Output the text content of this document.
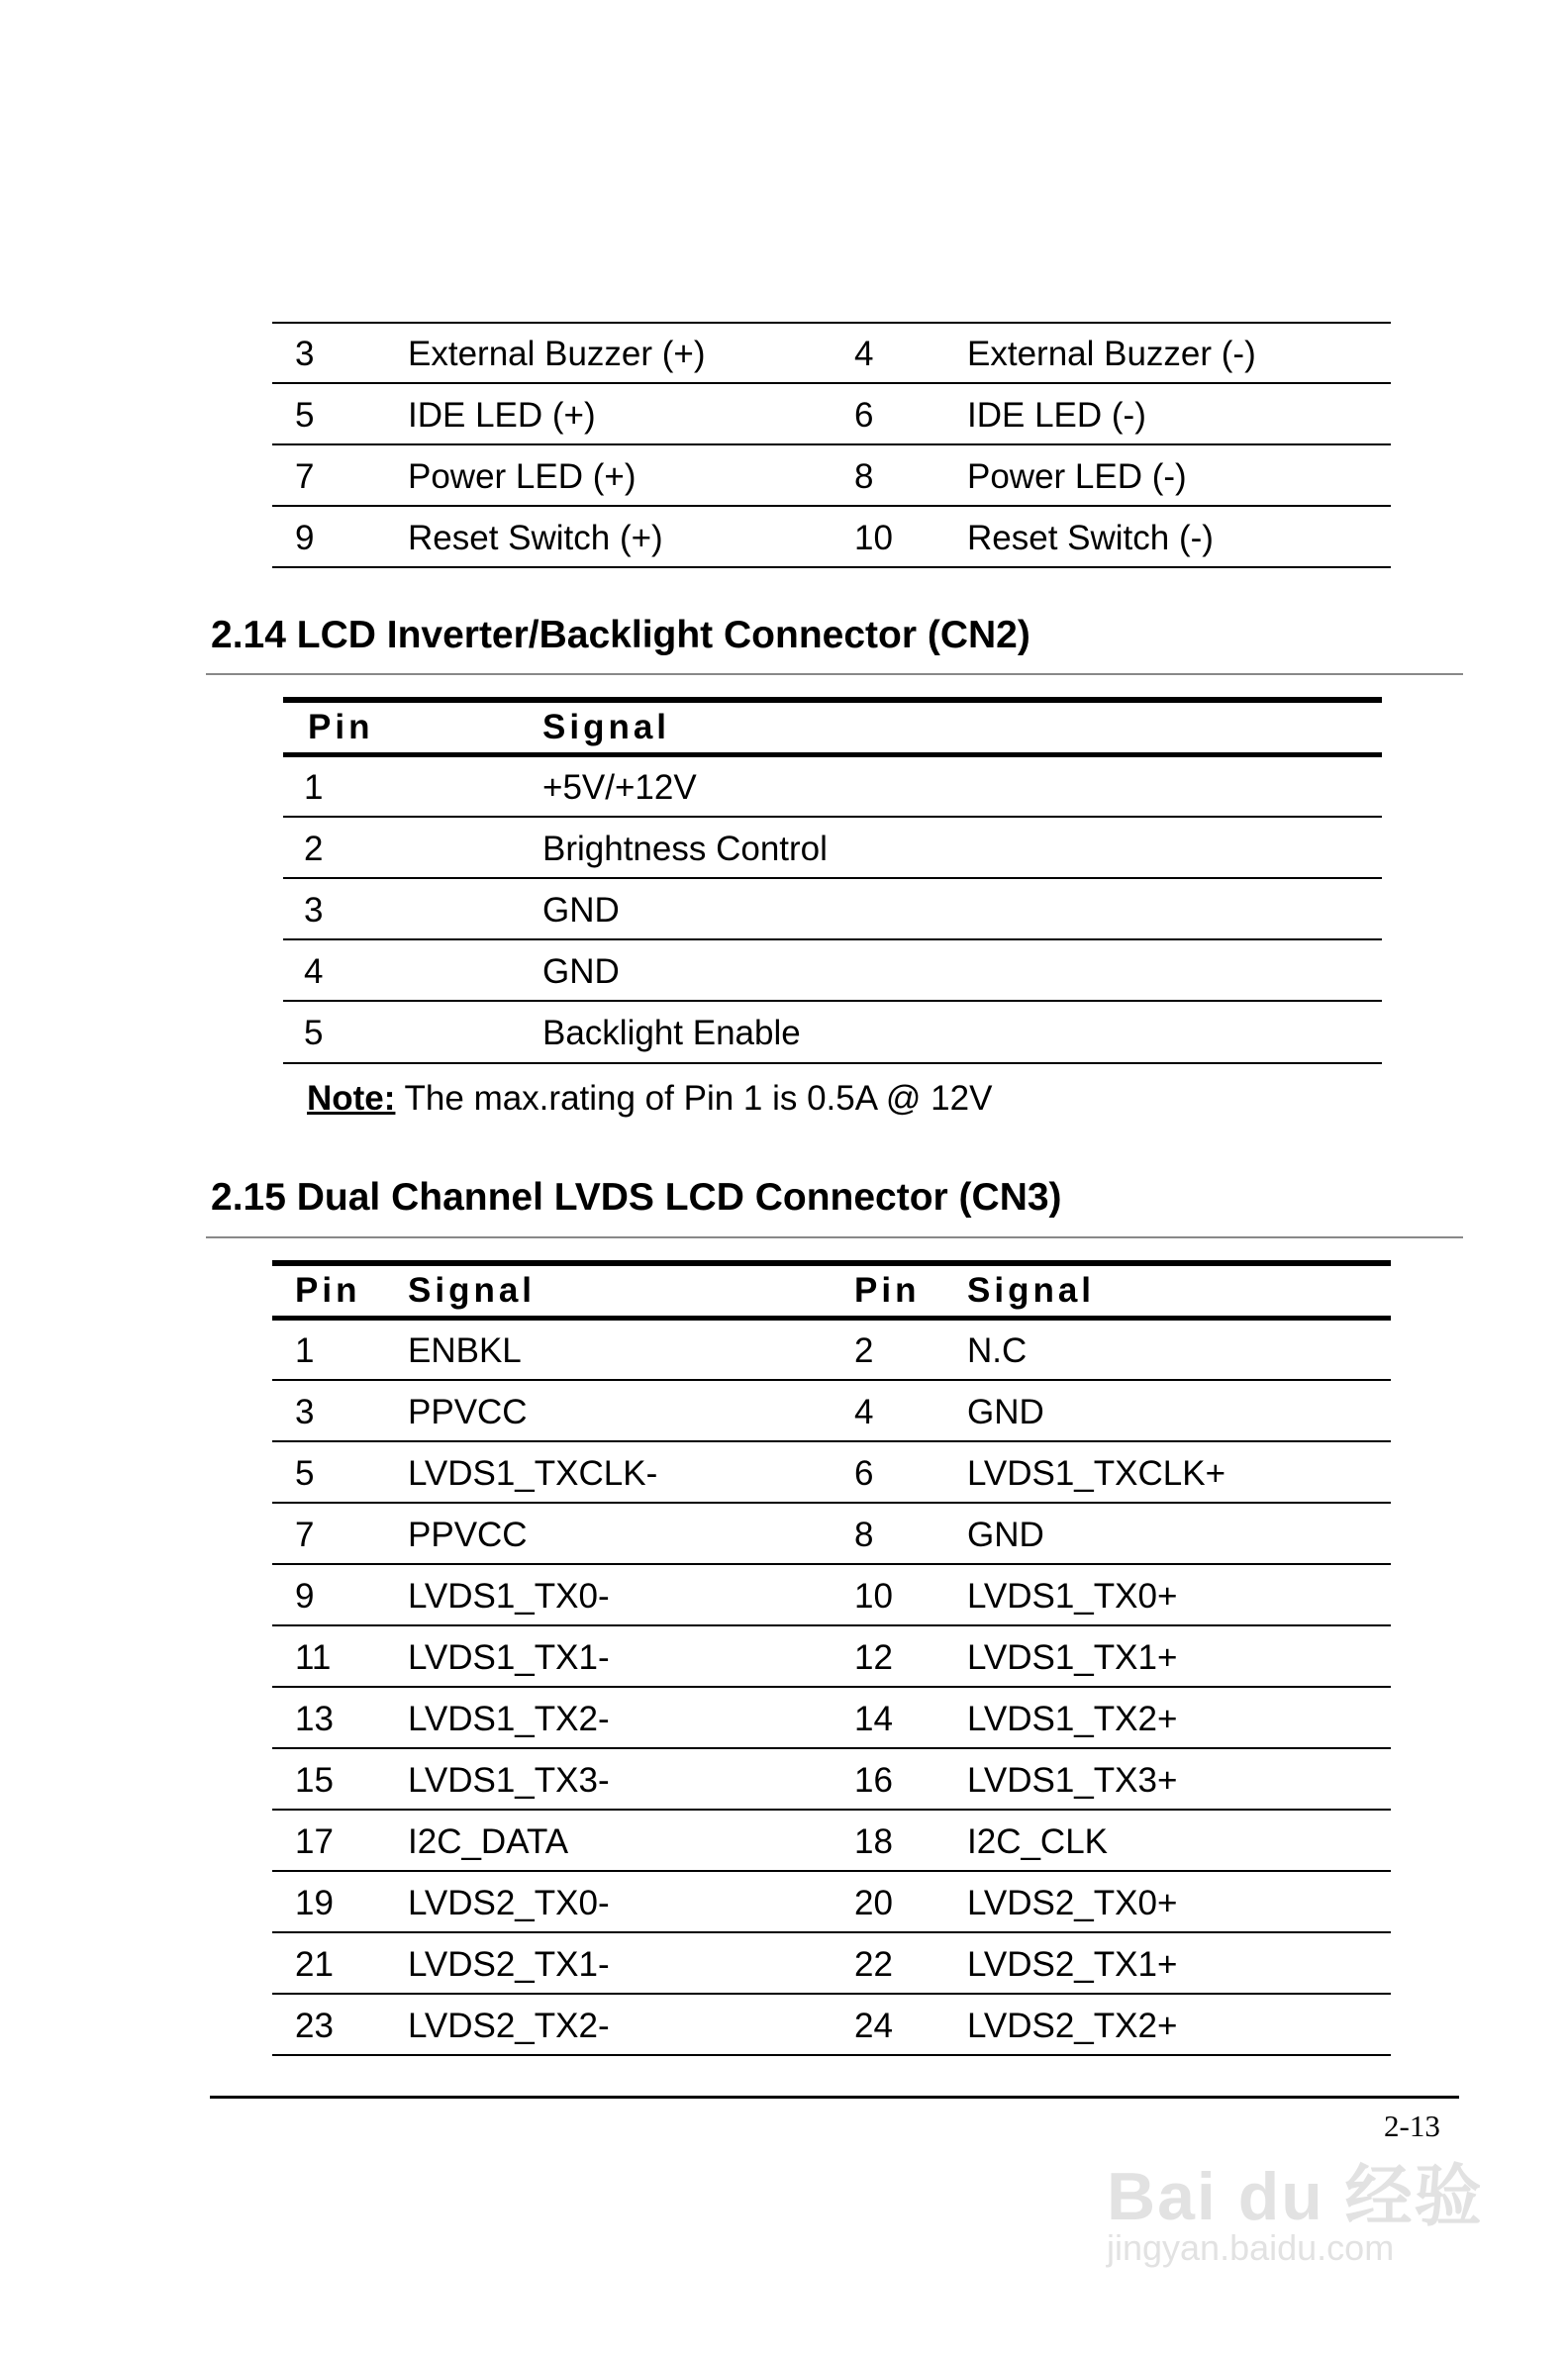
3	External Buzzer (+)	4	External Buzzer (-)
5	IDE LED (+)	6	IDE LED (-)
7	Power LED (+)	8	Power LED (-)
9	Reset Switch (+)	10 Reset Switch (-)
2.14 LCD Inverter/Backlight Connector (CN2)
Pin	Signal
1	+5V/+12V
2	Brightness Control
3	GND
4	GND
5	Backlight Enable
Note: The max.rating of Pin 1 is 0.5A @ 12V
2.15 Dual Channel LVDS LCD Connector (CN3)
Pin Signal	Pin Signal
1	ENBKL	2	N.C
3	PPVCC	4	GND
5	LVDS1_TXCLK-	6	LVDS1_TXCLK+
7	PPVCC	8	GND
9	LVDS1_TX0-	10 LVDS1_TX0+
11 LVDS1_TX1-	12 LVDS1_TX1+
13 LVDS1_TX2-	14 LVDS1_TX2+
15 LVDS1_TX3-	16 LVDS1_TX3+
17 I2C_DATA	18 I2C_CLK
19 LVDS2_TX0-	20 LVDS2_TX0+
21 LVDS2_TX1-	22 LVDS2_TX1+
23 LVDS2_TX2-	24 LVDS2_TX2+
2-13
Bai du 经验
jingyan.baidu.com
